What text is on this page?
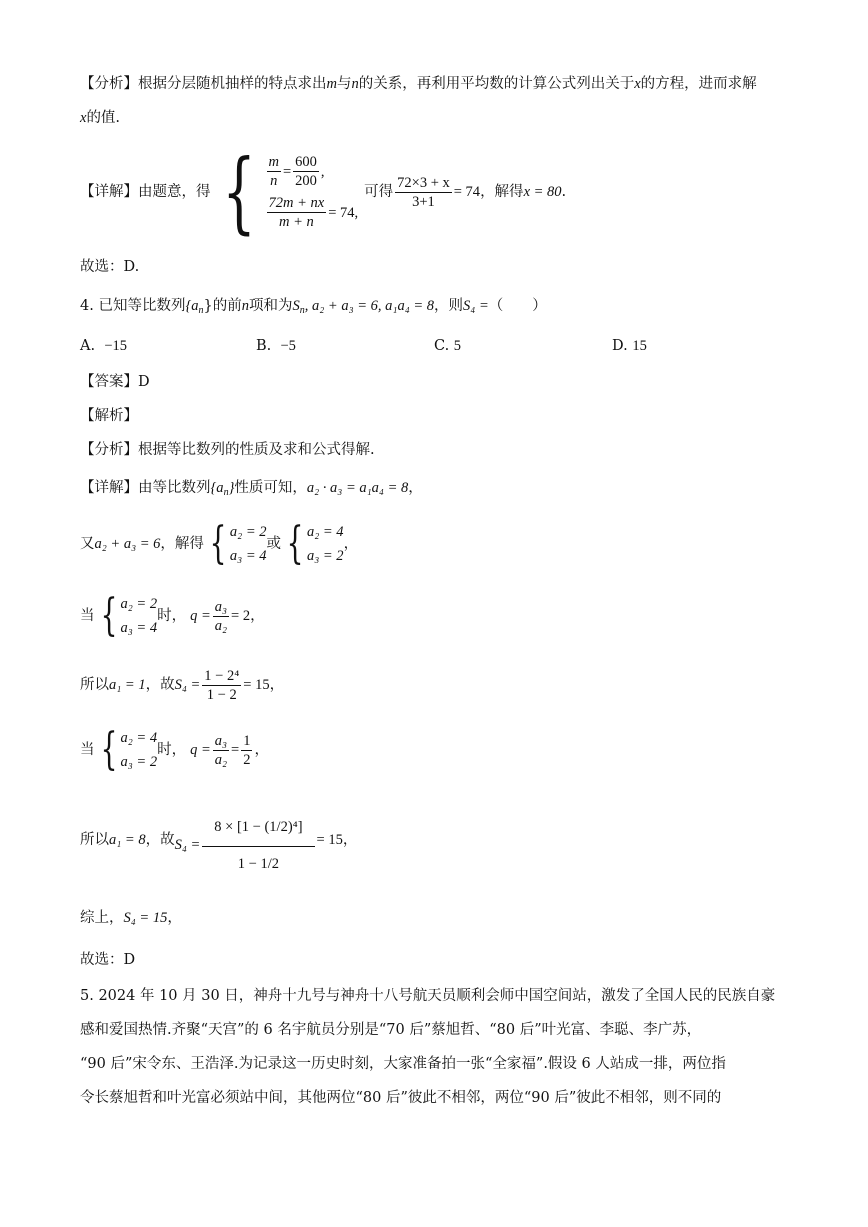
【分析】根据分层随机抽样的特点求出m与n的关系，再利用平均数的计算公式列出关于x的方程，进而求解
x的值.
【详解】 由题意，得 { $\frac{m}{n} = \frac{600}{200}$ ,
$\frac{72m + nx}{m + n} = 74$,
可得 $\frac{72\times 3 + x}{3+1} = 74$ ，解得 x = 80 .
故选：D.
4. 已知等比数列$\{a_n\}$的前n项和为$S_n$, a₂ + a₃ = 6, a₁a₄ = 8，则S₄ =（　　）
A. −15	B. −5	C. 5	D. 15
【答案】D
【解析】
【分析】根据等比数列的性质及求和公式得解.
【详解】由等比数列$\{a_n\}$性质可知，a₂ · a₃ = a₁a₄ = 8，
又 a₂ + a₃ = 6 ，解得 { a₂ = 2
a₃ = 4
或 { a₂ = 4
a₃ = 2
，
当 { a₂ = 2
a₃ = 4
时， $q = \frac{\text{a₃}}{\text{a₂}} = 2$ ，
所以 a₁ = 1 ，故 $S_4 = \frac{\text{1 − 2⁴}}{1 - 2} = 15$ ，
当 { a₂ = 4
a₃ = 2
时， $q = \frac{\text{a₃}}{\text{a₂}} = \frac{1}{2}$ ，
所以 a₁ = 8 ，故 $S_4 = \frac{\text{8 × [1 − (1/2)⁴]}}{1 - 1/2} = 15$ ，
综上，S₄ = 15，
故选：D
5. 2024 年 10 月 30 日，神舟十九号与神舟十八号航天员顺利会师中国空间站，激发了全国人民的民族自豪
感和爱国热情.齐聚“天宫”的 6 名宇航员分别是“70 后”蔡旭哲、“80 后”叶光富、李聪、李广苏，
“90 后”宋令东、王浩泽.为记录这一历史时刻，大家准备拍一张“全家福”.假设 6 人站成一排，两位指
令长蔡旭哲和叶光富必须站中间，其他两位“80 后”彼此不相邻，两位“90 后”彼此不相邻，则不同的
